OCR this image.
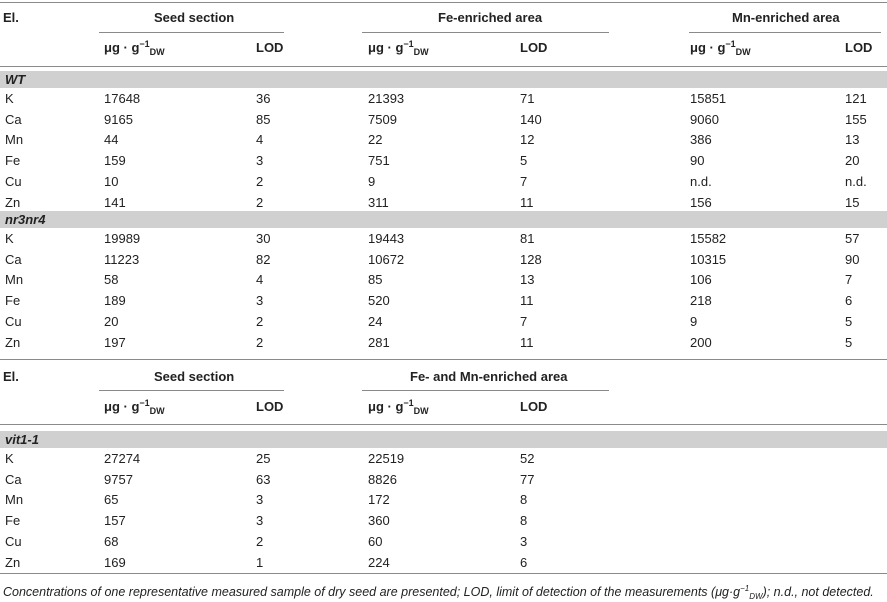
El.	Seed section	Fe-enriched area	Mn-enriched area
$\mu g \cdot g^{-1}_{DW}$	LOD	$\mu g \cdot g^{-1}_{DW}$	LOD	$\mu g \cdot g^{-1}_{DW}$	LOD
WT
K	17648	36	21393	71	15851	121
Ca	9165	85	7509	140	9060	155
Mn	44	4	22	12	386	13
Fe	159	3	751	5	90	20
Cu	10	2	9	7	n.d.	n.d.
Zn	141	2	311	11	156	15
nr3nr4
K	19989	30	19443	81	15582	57
Ca	11223	82	10672	128	10315	90
Mn	58	4	85	13	106	7
Fe	189	3	520	11	218	6
Cu	20	2	24	7	9	5
Zn	197	2	281	11	200	5
El.	Seed section	Fe- and Mn-enriched area
$\mu g \cdot g^{-1}_{DW}$	LOD	$\mu g \cdot g^{-1}_{DW}$	LOD
vit1-1
K	27274	25	22519	52
Ca	9757	63	8826	77
Mn	65	3	172	8
Fe	157	3	360	8
Cu	68	2	60	3
Zn	169	1	224	6
Concentrations of one representative measured sample of dry seed are presented; LOD, limit of detection of the measurements $(\mu g\cdot g^{-1}_{DW})$; n.d., not detected.
